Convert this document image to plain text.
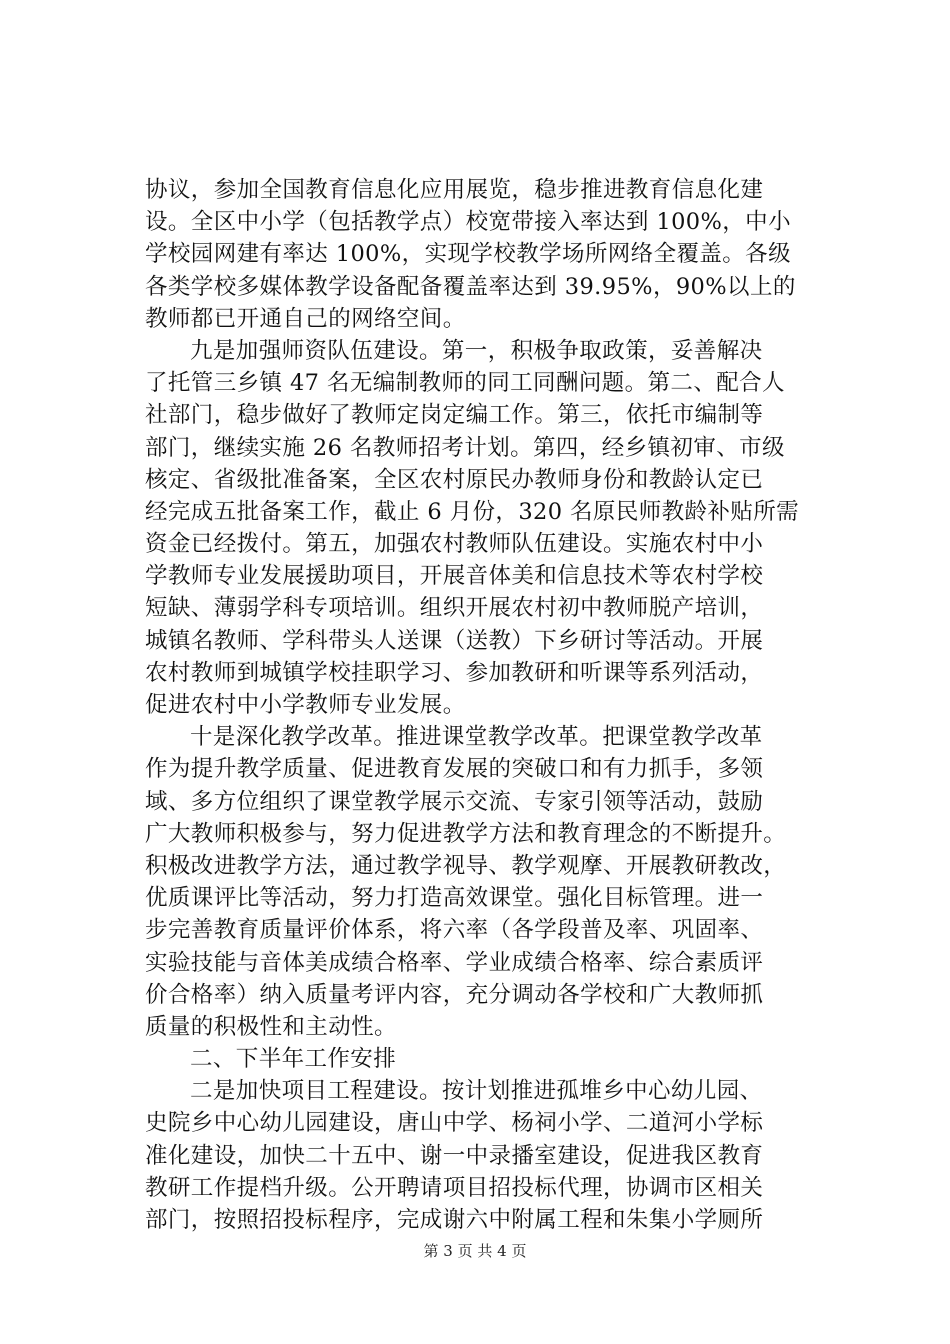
协议，参加全国教育信息化应用展览，稳步推进教育信息化建
设。全区中小学（包括教学点）校宽带接入率达到 100%，中小
学校园网建有率达 100%，实现学校教学场所网络全覆盖。各级
各类学校多媒体教学设备配备覆盖率达到 39.95%，90%以上的
教师都已开通自己的网络空间。
九是加强师资队伍建设。第一，积极争取政策，妥善解决
了托管三乡镇 47 名无编制教师的同工同酬问题。第二、配合人
社部门，稳步做好了教师定岗定编工作。第三，依托市编制等
部门，继续实施 26 名教师招考计划。第四，经乡镇初审、市级
核定、省级批准备案，全区农村原民办教师身份和教龄认定已
经完成五批备案工作，截止 6 月份，320 名原民师教龄补贴所需
资金已经拨付。第五，加强农村教师队伍建设。实施农村中小
学教师专业发展援助项目，开展音体美和信息技术等农村学校
短缺、薄弱学科专项培训。组织开展农村初中教师脱产培训，
城镇名教师、学科带头人送课（送教）下乡研讨等活动。开展
农村教师到城镇学校挂职学习、参加教研和听课等系列活动，
促进农村中小学教师专业发展。
十是深化教学改革。推进课堂教学改革。把课堂教学改革
作为提升教学质量、促进教育发展的突破口和有力抓手，多领
域、多方位组织了课堂教学展示交流、专家引领等活动，鼓励
广大教师积极参与，努力促进教学方法和教育理念的不断提升。
积极改进教学方法，通过教学视导、教学观摩、开展教研教改，
优质课评比等活动，努力打造高效课堂。强化目标管理。进一
步完善教育质量评价体系，将六率（各学段普及率、巩固率、
实验技能与音体美成绩合格率、学业成绩合格率、综合素质评
价合格率）纳入质量考评内容，充分调动各学校和广大教师抓
质量的积极性和主动性。
二、下半年工作安排
二是加快项目工程建设。按计划推进孤堆乡中心幼儿园、
史院乡中心幼儿园建设，唐山中学、杨祠小学、二道河小学标
准化建设，加快二十五中、谢一中录播室建设，促进我区教育
教研工作提档升级。公开聘请项目招投标代理，协调市区相关
部门，按照招投标程序，完成谢六中附属工程和朱集小学厕所
第 3 页 共 4 页
